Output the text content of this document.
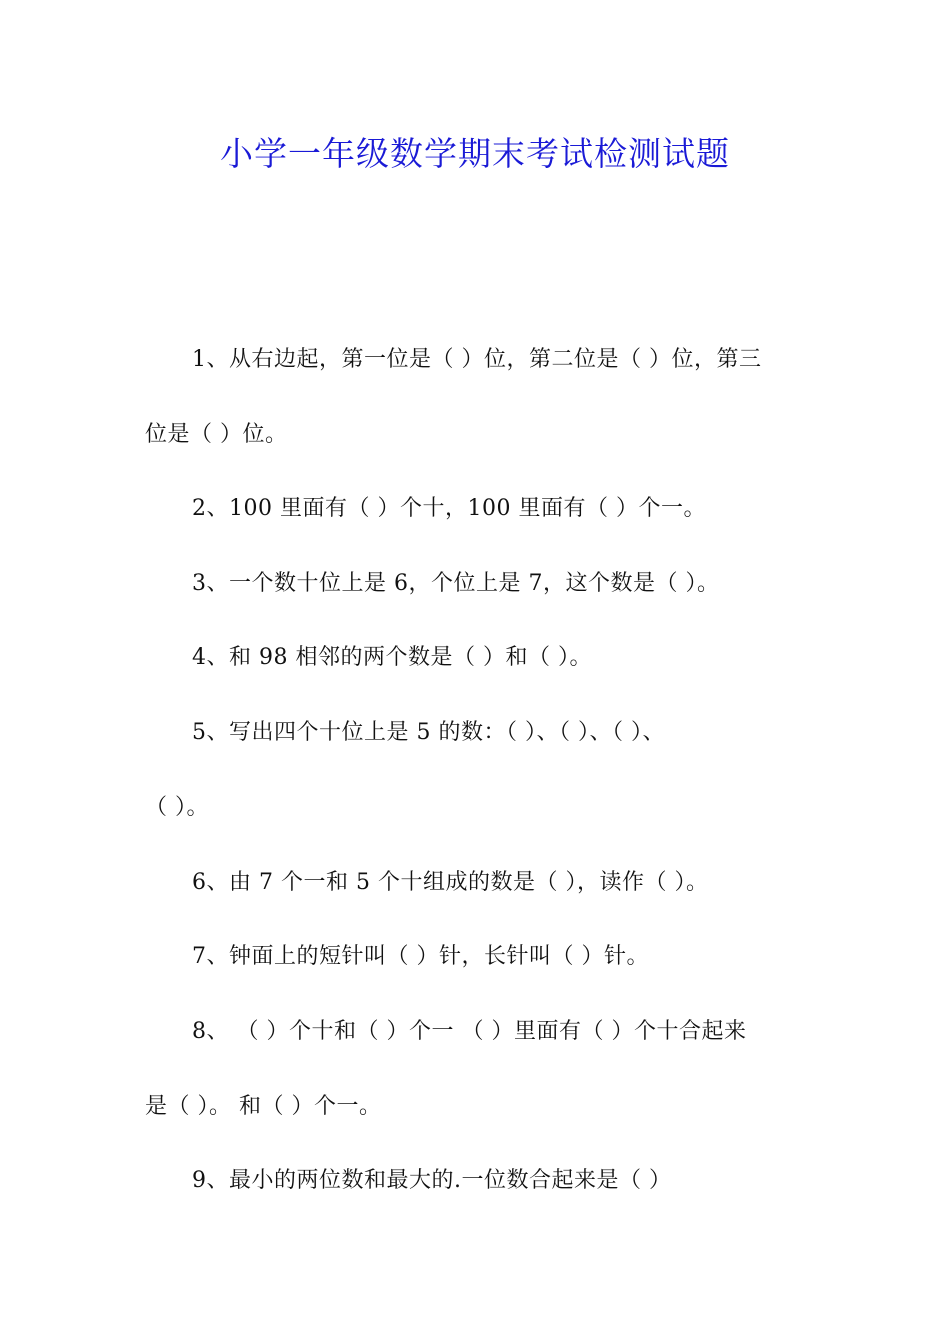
小学一年级数学期末考试检测试题
1、从右边起，第一位是（ ）位，第二位是（ ）位，第三
位是（ ）位。
2、100 里面有（ ）个十，100 里面有（ ）个一。
3、一个数十位上是 6，个位上是 7，这个数是（ ）。
4、和 98 相邻的两个数是（ ）和（ ）。
5、写出四个十位上是 5 的数：（ ）、（ ）、（ ）、
（ ）。
6、由 7 个一和 5 个十组成的数是（ ），读作（ ）。
7、钟面上的短针叫（ ）针，长针叫（ ）针。
8、 （ ）个十和（ ）个一 （ ）里面有（ ）个十合起来
是（ ）。 和（ ）个一。
9、最小的两位数和最大的.一位数合起来是（ ）
